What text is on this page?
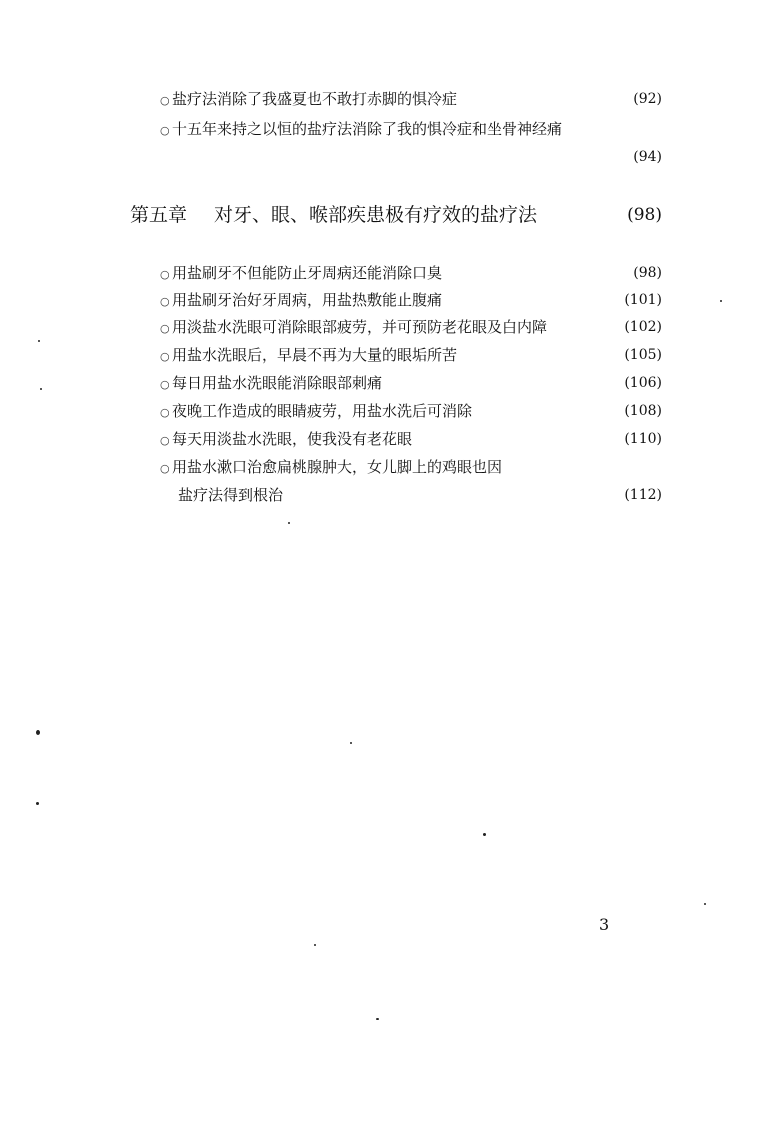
○ 盐疗法消除了我盛夏也不敢打赤脚的惧冷症	(92)
○ 十五年来持之以恒的盐疗法消除了我的惧冷症和坐骨神经痛
(94)
第五章 对牙、眼、喉部疾患极有疗效的盐疗法	(98)
○ 用盐刷牙不但能防止牙周病还能消除口臭	(98)
○ 用盐刷牙治好牙周病，用盐热敷能止腹痛	(101)
○ 用淡盐水洗眼可消除眼部疲劳，并可预防老花眼及白内障	(102)
○ 用盐水洗眼后，早晨不再为大量的眼垢所苦	(105)
○ 每日用盐水洗眼能消除眼部刺痛	(106)
○ 夜晚工作造成的眼睛疲劳，用盐水洗后可消除	(108)
○ 每天用淡盐水洗眼，使我没有老花眼	(110)
○ 用盐水漱口治愈扁桃腺肿大，女儿脚上的鸡眼也因
盐疗法得到根治	(112)
3
